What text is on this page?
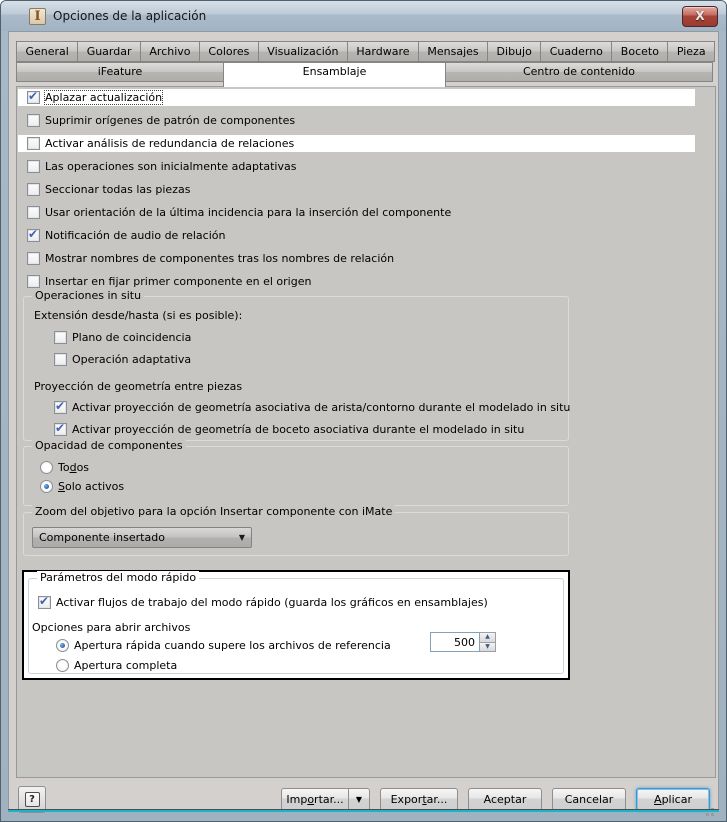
I	Opciones de la aplicación	X
General	Guardar	Archivo	Colores	Visualización	Hardware	Mensajes	Dibujo	Cuaderno	Boceto	Pieza
iFeature	Ensamblaje	Centro de contenido
✔ Aplazar actualización
Suprimir orígenes de patrón de componentes
Activar análisis de redundancia de relaciones
Las operaciones son inicialmente adaptativas
Seccionar todas las piezas
Usar orientación de la última incidencia para la inserción del componente
✔ Notificación de audio de relación
Mostrar nombres de componentes tras los nombres de relación
Insertar en fijar primer componente en el origen
Operaciones in situ
Extensión desde/hasta (si es posible):
Plano de coincidencia
Operación adaptativa
Proyección de geometría entre piezas
✔ Activar proyección de geometría asociativa de arista/contorno durante el modelado in situ
✔ Activar proyección de geometría de boceto asociativa durante el modelado in situ
Opacidad de componentes
Todos
Solo activos
Zoom del objetivo para la opción Insertar componente con iMate
Componente insertado	▼
Parámetros del modo rápido
✔ Activar flujos de trabajo del modo rápido (guarda los gráficos en ensamblajes)
Opciones para abrir archivos
Apertura rápida cuando supere los archivos de referencia
500
▲
▼
Apertura completa
?	Importar...	▼	Exportar...	Aceptar	Cancelar	Aplicar
